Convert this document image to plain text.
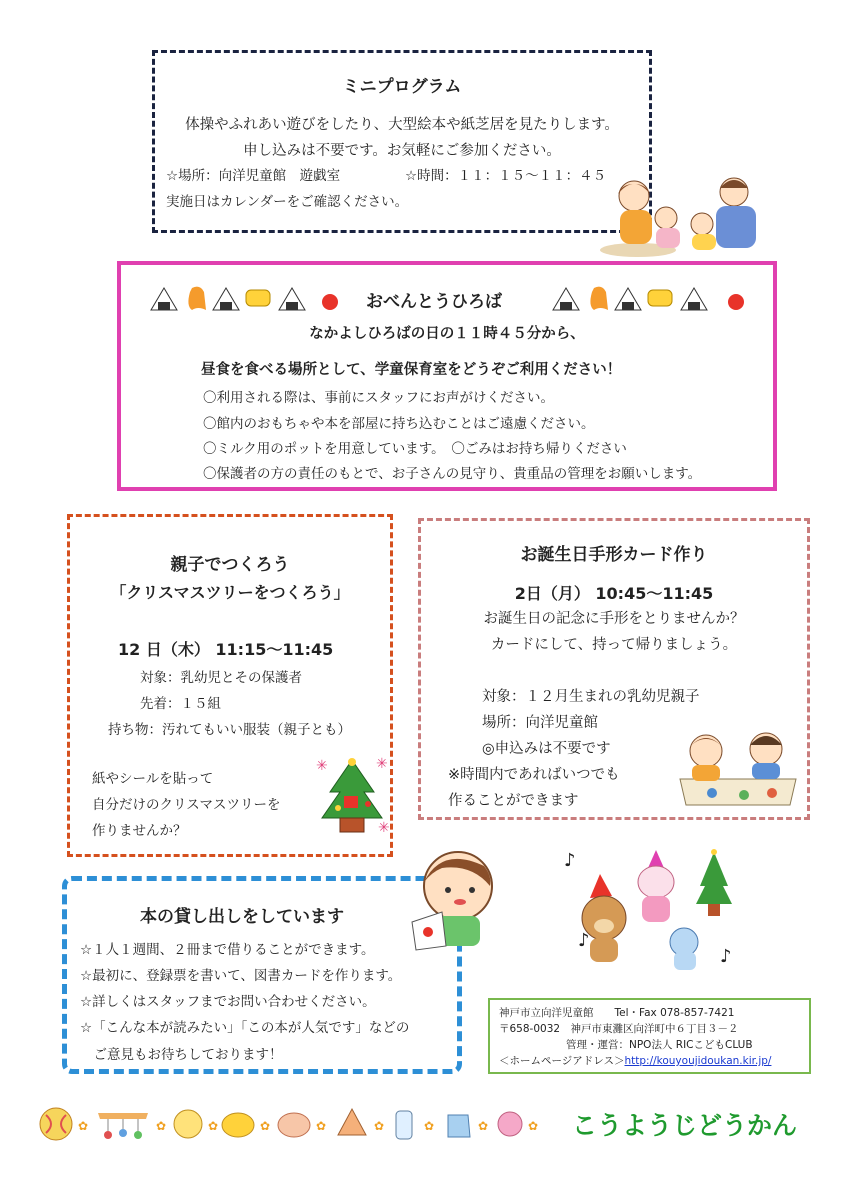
ミニプログラム
体操やふれあい遊びをしたり、大型絵本や紙芝居を見たりします。
申し込みは不要です。お気軽にご参加ください。
☆場所：向洋児童館　遊戯室	☆時間：１１：１５〜１１：４５
実施日はカレンダーをご確認ください。
おべんとうひろば
なかよしひろばの日の１１時４５分から、
昼食を食べる場所として、学童保育室をどうぞご利用ください！
〇利用される際は、事前にスタッフにお声がけください。
〇館内のおもちゃや本を部屋に持ち込むことはご遠慮ください。
〇ミルク用のポットを用意しています。　〇ごみはお持ち帰りください
〇保護者の方の責任のもとで、お子さんの見守り、貴重品の管理をお願いします。
親子でつくろう
「クリスマスツリーをつくろう」
12 日（木） 11:15〜11:45
対象：乳幼児とその保護者
先着：１５組
持ち物：汚れてもいい服装（親子とも）
紙やシールを貼って
自分だけのクリスマスツリーを
作りませんか？
✳	✳
✳
お誕生日手形カード作り
2日（月） 10:45〜11:45
お誕生日の記念に手形をとりませんか？
カードにして、持って帰りましょう。
対象：１２月生まれの乳幼児親子
場所：向洋児童館
◎申込みは不要です
※時間内であればいつでも
作ることができます
本の貸し出しをしています
☆１人１週間、２冊まで借りることができます。
☆最初に、登録票を書いて、図書カードを作ります。
☆詳しくはスタッフまでお問い合わせください。
☆「こんな本が読みたい」「この本が人気です」などの
　ご意見もお待ちしております！
♪
♪
♪
神戸市立向洋児童館　　Tel・Fax 078-857-7421
〒658-0032　神戸市東灘区向洋町中６丁目３－２
管理・運営：NPO法人 RICこどもCLUB
＜ホームページアドレス＞http://kouyoujidoukan.kir.jp/
✿	✿	✿	✿	✿	✿	✿	✿	✿ こうようじどうかん
